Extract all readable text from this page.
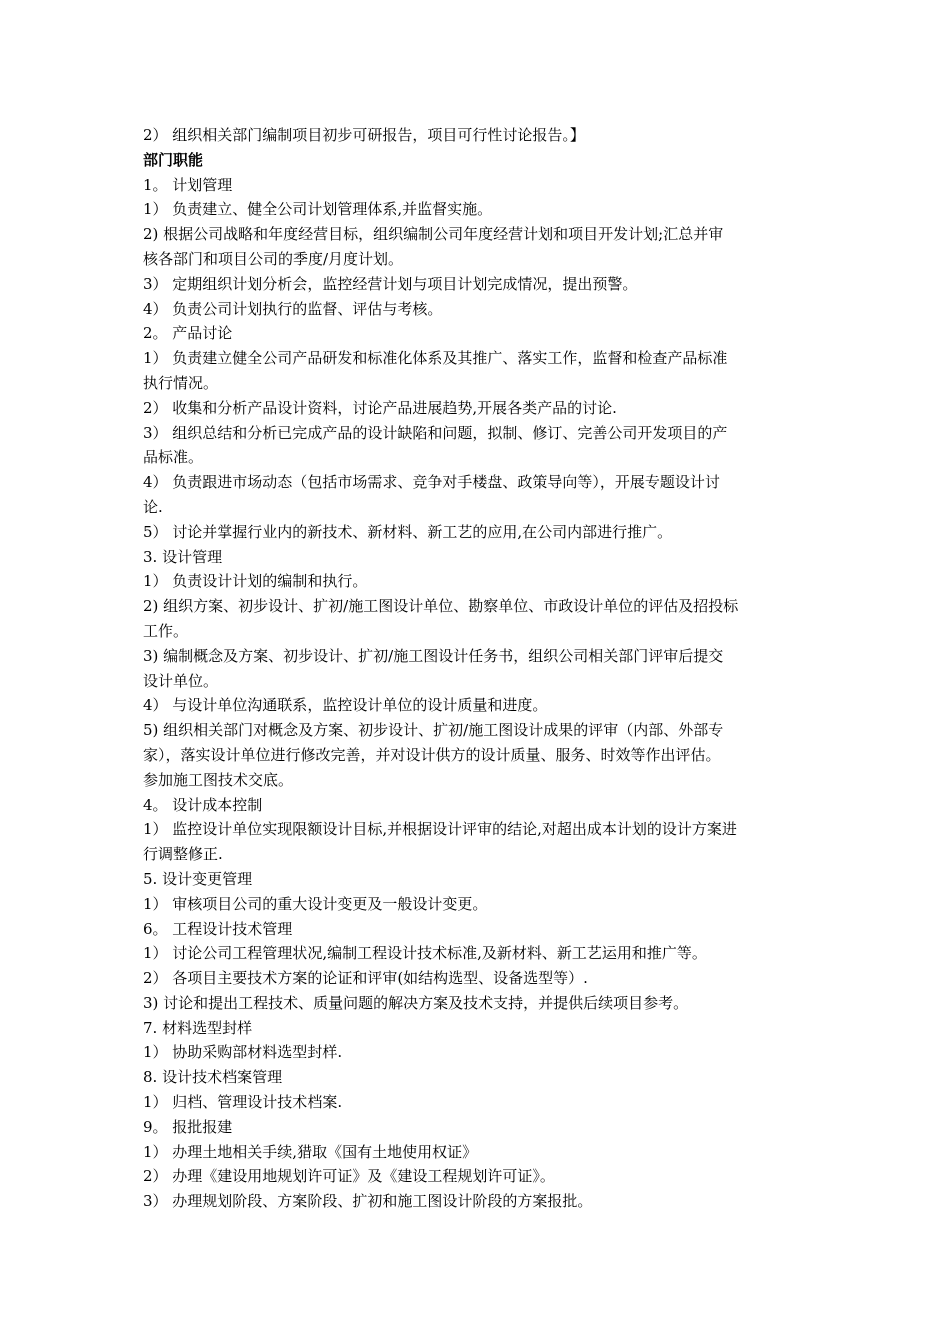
2） 组织相关部门编制项目初步可研报告，项目可行性讨论报告。】
部门职能
1。 计划管理
1） 负责建立、健全公司计划管理体系,并监督实施。
2) 根据公司战略和年度经营目标，组织编制公司年度经营计划和项目开发计划;汇总并审
核各部门和项目公司的季度/月度计划。
3） 定期组织计划分析会，监控经营计划与项目计划完成情况，提出预警。
4） 负责公司计划执行的监督、评估与考核。
2。 产品讨论
1） 负责建立健全公司产品研发和标准化体系及其推广、落实工作，监督和检查产品标准
执行情况。
2） 收集和分析产品设计资料，讨论产品进展趋势,开展各类产品的讨论.
3） 组织总结和分析已完成产品的设计缺陷和问题，拟制、修订、完善公司开发项目的产
品标准。
4） 负责跟进市场动态（包括市场需求、竞争对手楼盘、政策导向等），开展专题设计讨
论.
5） 讨论并掌握行业内的新技术、新材料、新工艺的应用,在公司内部进行推广。
3. 设计管理
1） 负责设计计划的编制和执行。
2) 组织方案、初步设计、扩初/施工图设计单位、勘察单位、市政设计单位的评估及招投标
工作。
3) 编制概念及方案、初步设计、扩初/施工图设计任务书，组织公司相关部门评审后提交
设计单位。
4） 与设计单位沟通联系，监控设计单位的设计质量和进度。
5) 组织相关部门对概念及方案、初步设计、扩初/施工图设计成果的评审（内部、外部专
家），落实设计单位进行修改完善，并对设计供方的设计质量、服务、时效等作出评估。
参加施工图技术交底。
4。 设计成本控制
1） 监控设计单位实现限额设计目标,并根据设计评审的结论,对超出成本计划的设计方案进
行调整修正.
5. 设计变更管理
1） 审核项目公司的重大设计变更及一般设计变更。
6。 工程设计技术管理
1） 讨论公司工程管理状况,编制工程设计技术标准,及新材料、新工艺运用和推广等。
2） 各项目主要技术方案的论证和评审(如结构选型、设备选型等）.
3) 讨论和提出工程技术、质量问题的解决方案及技术支持，并提供后续项目参考。
7. 材料选型封样
1） 协助采购部材料选型封样.
8. 设计技术档案管理
1） 归档、管理设计技术档案.
9。 报批报建
1） 办理土地相关手续,猎取《国有土地使用权证》
2） 办理《建设用地规划许可证》及《建设工程规划许可证》。
3） 办理规划阶段、方案阶段、扩初和施工图设计阶段的方案报批。
